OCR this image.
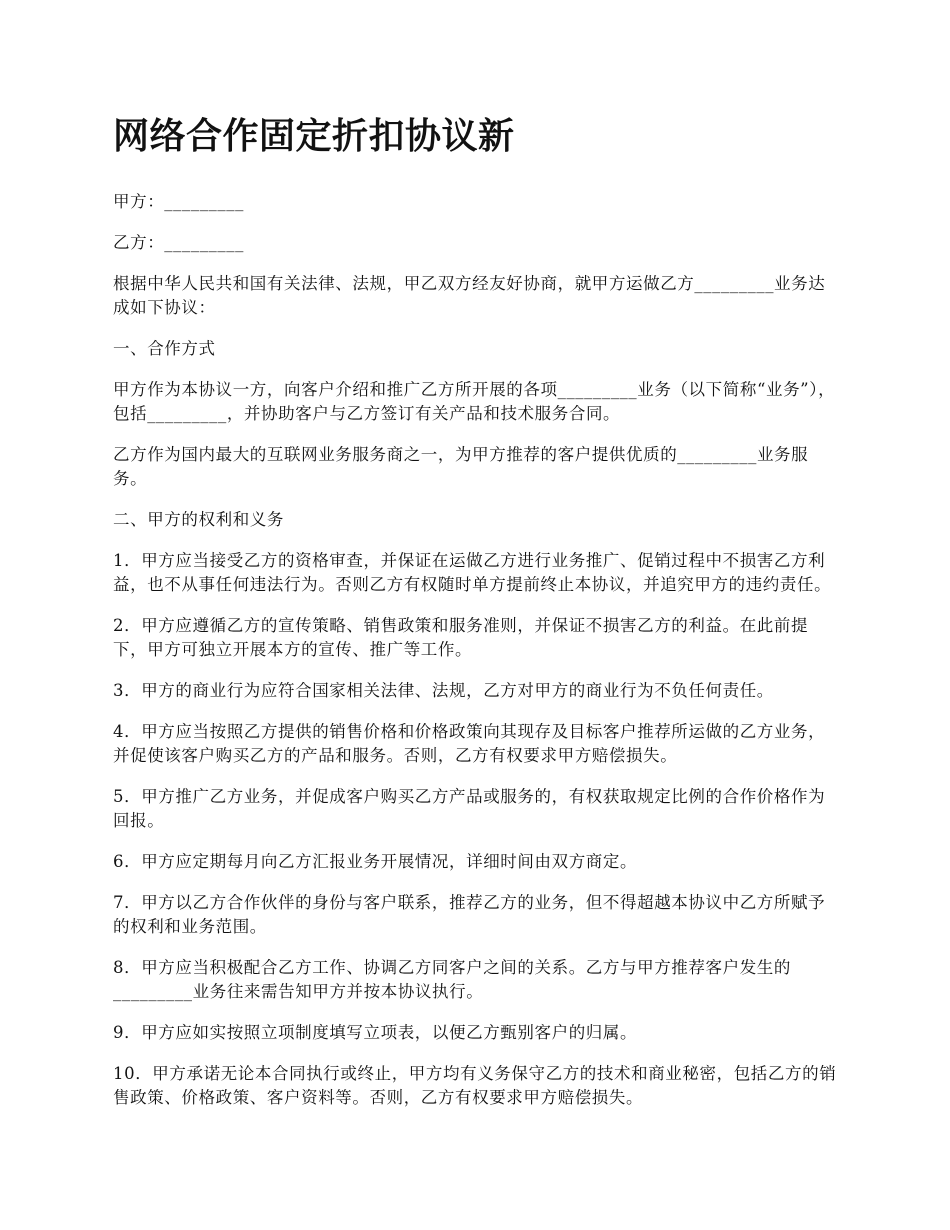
网络合作固定折扣协议新

甲方：_________

乙方：_________

根据中华人民共和国有关法律、法规，甲乙双方经友好协商，就甲方运做乙方_________业务达成如下协议：

一、合作方式

甲方作为本协议一方，向客户介绍和推广乙方所开展的各项_________业务（以下简称“业务”），包括_________，并协助客户与乙方签订有关产品和技术服务合同。

乙方作为国内最大的互联网业务服务商之一，为甲方推荐的客户提供优质的_________业务服务。

二、甲方的权利和义务

1．甲方应当接受乙方的资格审查，并保证在运做乙方进行业务推广、促销过程中不损害乙方利益，也不从事任何违法行为。否则乙方有权随时单方提前终止本协议，并追究甲方的违约责任。

2．甲方应遵循乙方的宣传策略、销售政策和服务准则，并保证不损害乙方的利益。在此前提下，甲方可独立开展本方的宣传、推广等工作。

3．甲方的商业行为应符合国家相关法律、法规，乙方对甲方的商业行为不负任何责任。

4．甲方应当按照乙方提供的销售价格和价格政策向其现存及目标客户推荐所运做的乙方业务，并促使该客户购买乙方的产品和服务。否则，乙方有权要求甲方赔偿损失。

5．甲方推广乙方业务，并促成客户购买乙方产品或服务的，有权获取规定比例的合作价格作为回报。

6．甲方应定期每月向乙方汇报业务开展情况，详细时间由双方商定。

7．甲方以乙方合作伙伴的身份与客户联系，推荐乙方的业务，但不得超越本协议中乙方所赋予的权利和业务范围。

8．甲方应当积极配合乙方工作、协调乙方同客户之间的关系。乙方与甲方推荐客户发生的_________业务往来需告知甲方并按本协议执行。

9．甲方应如实按照立项制度填写立项表，以便乙方甄别客户的归属。

10．甲方承诺无论本合同执行或终止，甲方均有义务保守乙方的技术和商业秘密，包括乙方的销售政策、价格政策、客户资料等。否则，乙方有权要求甲方赔偿损失。
